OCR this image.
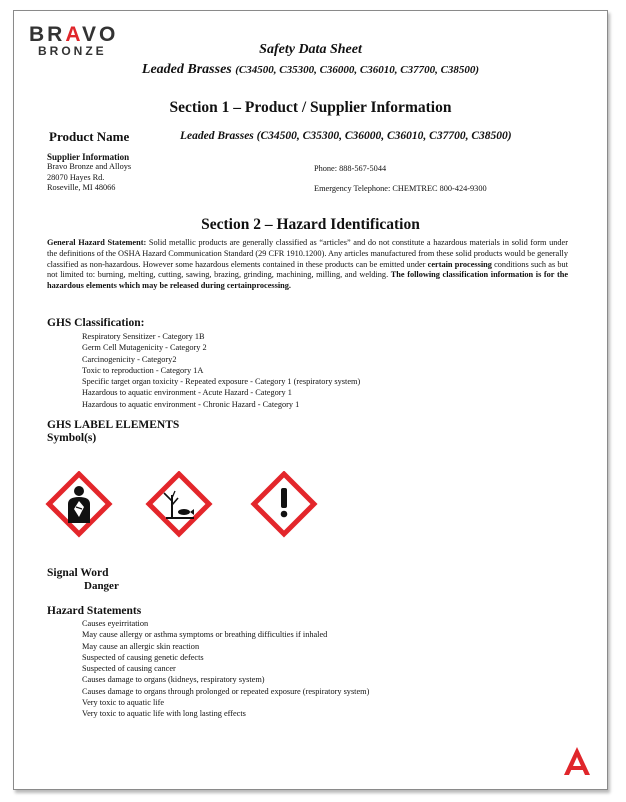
BRAVO
BRONZE	Safety Data Sheet
Leaded Brasses (C34500, C35300, C36000, C36010, C37700, C38500)
Section 1 – Product / Supplier Information
Product Name	Leaded Brasses (C34500, C35300, C36000, C36010, C37700, C38500)
Supplier Information
Bravo Bronze and Alloys
28070 Hayes Rd.
Roseville, MI 48066
Phone: 888-567-5044
Emergency Telephone: CHEMTREC 800-424-9300
Section 2 – Hazard Identification
General Hazard Statement: Solid metallic products are generally classified as “articles” and do not constitute a hazardous materials in solid form under the definitions of the OSHA Hazard Communication Standard (29 CFR 1910.1200). Any articles manufactured from these solid products would be generally classified as non-hazardous. However some hazardous elements contained in these products can be emitted under certain processing conditions such as but not limited to: burning, melting, cutting, sawing, brazing, grinding, machining, milling, and welding. The following classification information is for the hazardous elements which may be released during certainprocessing.
GHS Classification:
Respiratory Sensitizer - Category 1B
Germ Cell Mutagenicity - Category 2
Carcinogenicity - Category2
Toxic to reproduction - Category 1A
Specific target organ toxicity - Repeated exposure - Category 1 (respiratory system)
Hazardous to aquatic environment - Acute Hazard - Category 1
Hazardous to aquatic environment - Chronic Hazard - Category 1
GHS LABEL ELEMENTS
Symbol(s)
Signal Word
Danger
Hazard Statements
Causes eyeirritation
May cause allergy or asthma symptoms or breathing difficulties if inhaled
May cause an allergic skin reaction
Suspected of causing genetic defects
Suspected of causing cancer
Causes damage to organs (kidneys, respiratory system)
Causes damage to organs through prolonged or repeated exposure (respiratory system)
Very toxic to aquatic life
Very toxic to aquatic life with long lasting effects
